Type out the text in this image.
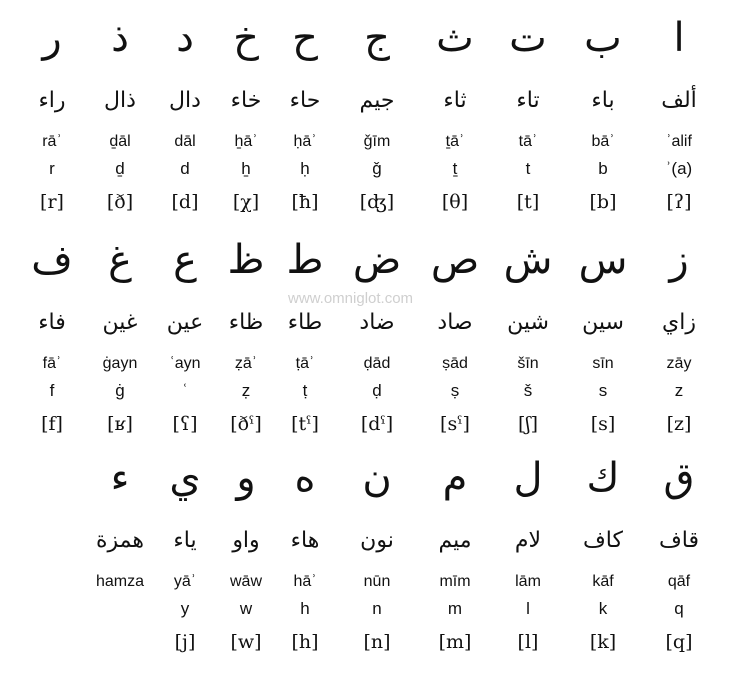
ا
ألف
ʾalif
ʾ(a)
[ʔ]
ب
باء
bāʾ
b
[b]
ت
تاء
tāʾ
t
[t]
ث
ثاء
ṯāʾ
ṯ
[θ]
ج
جيم
ǧīm
ǧ
[ʤ]
ح
حاء
ḥāʾ
ḥ
[ħ]
خ
خاء
ẖāʾ
ẖ
[χ]
د
دال
dāl
d
[d]
ذ
ذال
ḏāl
ḏ
[ð]
ر
راء
rāʾ
r
[r]
ز
زاي
zāy
z
[z]
س
سين
sīn
s
[s]
ش
شين
šīn
š
[ʃ]
ص
صاد
ṣād
ṣ
[sˤ]
ض
ضاد
ḍād
ḍ
[dˤ]
ط
طاء
ṭāʾ
ṭ
[tˤ]
ظ
ظاء
ẓāʾ
ẓ
[ðˤ]
ع
عين
ʿayn
ʿ
[ʕ]
غ
غين
ġayn
ġ
[ʁ]
ف
فاء
fāʾ
f
[f]
ق
قاف
qāf
q
[q]
ك
كاف
kāf
k
[k]
ل
لام
lām
l
[l]
م
ميم
mīm
m
[m]
ن
نون
nūn
n
[n]
ه
هاء
hāʾ
h
[h]
و
واو
wāw
w
[w]
ي
ياء
yāʾ
y
[j]
ء
همزة
hamza
www.omniglot.com
